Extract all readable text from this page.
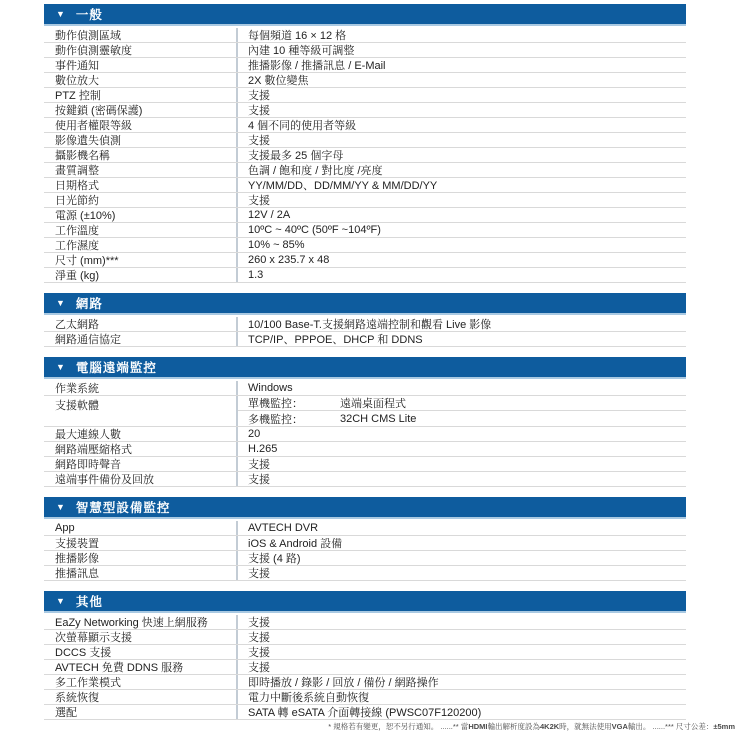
▼ 一般
動作偵測區域	每個頻道 16 × 12 格
動作偵測靈敏度	內建 10 種等級可調整
事件通知	推播影像 / 推播訊息 / E-Mail
數位放大	2X 數位變焦
PTZ 控制	支援
按鍵鎖 (密碼保護)	支援
使用者權限等級	4 個不同的使用者等級
影像遺失偵測	支援
攝影機名稱	支援最多 25 個字母
畫質調整	色調 / 飽和度 / 對比度 /亮度
日期格式	YY/MM/DD、DD/MM/YY & MM/DD/YY
日光節約	支援
電源 (±10%)	12V / 2A
工作溫度	10ºC ~ 40ºC (50ºF ~104ºF)
工作濕度	10% ~ 85%
尺寸 (mm)***	260 x 235.7 x 48
淨重 (kg)	1.3
▼ 網路
乙太網路	10/100 Base-T.支援網路遠端控制和觀看 Live 影像
網路通信協定	TCP/IP、PPPOE、DHCP 和 DDNS
▼ 電腦遠端監控
作業系統	Windows
支援軟體	單機監控：	遠端桌面程式
多機監控：	32CH CMS Lite
最大連線人數	20
網路端壓縮格式	H.265
網路即時聲音	支援
遠端事件備份及回放	支援
▼ 智慧型設備監控
App	AVTECH DVR
支援裝置	iOS & Android 設備
推播影像	支援 (4 路)
推播訊息	支援
▼ 其他
EaZy Networking 快速上網服務	支援
次螢幕顯示支援	支援
DCCS 支援	支援
AVTECH 免費 DDNS 服務	支援
多工作業模式	即時播放 / 錄影 / 回放 / 備份 / 網路操作
系統恢復	電力中斷後系統自動恢復
選配	SATA 轉 eSATA 介面轉接線 (PWSC07F120200)
* 規格若有變更，恕不另行通知。 ......** 當HDMI輸出解析度設為4K2K時，就無法使用VGA輸出。 ......*** 尺寸公差：±5mm
